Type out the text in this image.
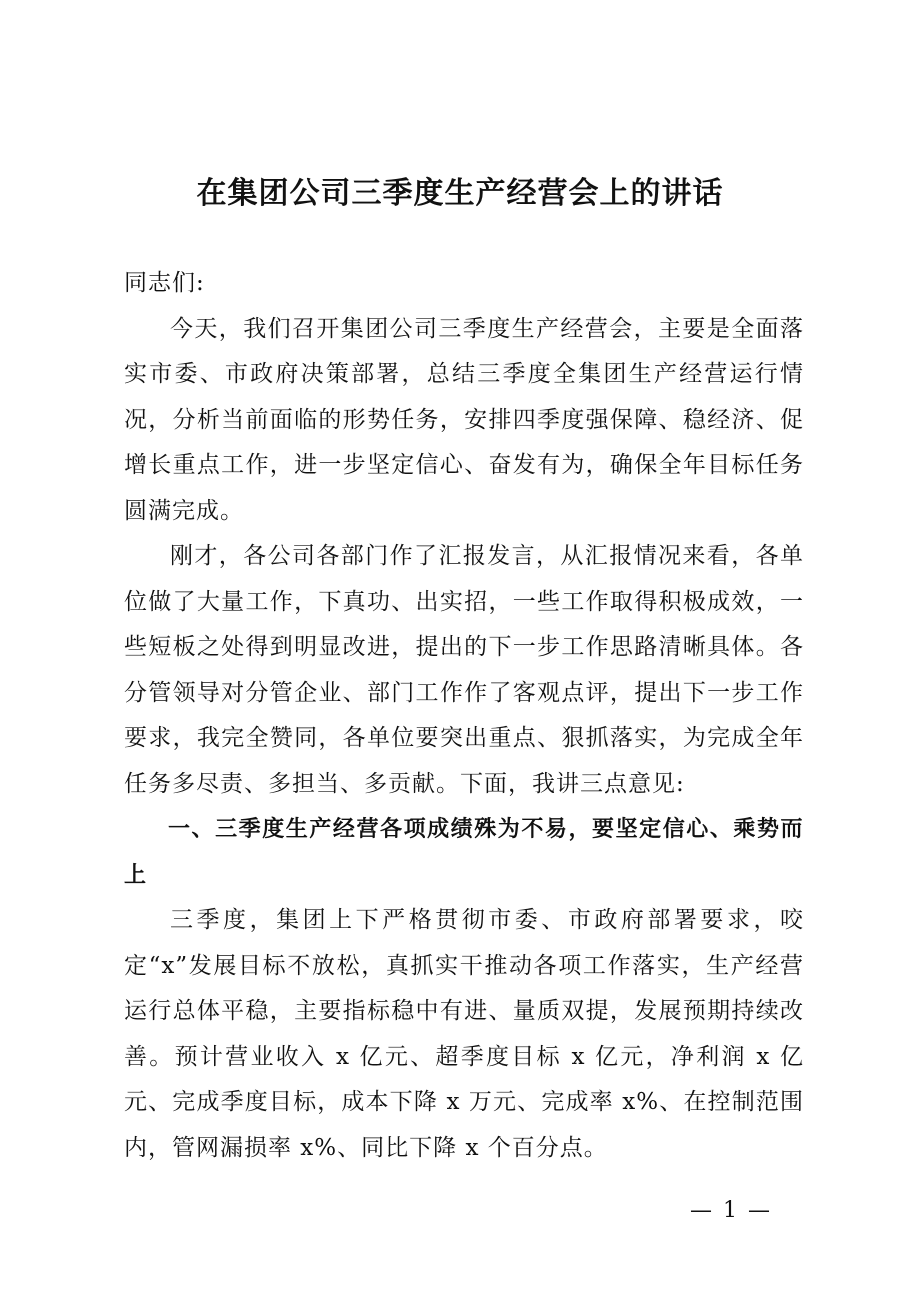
在集团公司三季度生产经营会上的讲话

同志们:

今天，我们召开集团公司三季度生产经营会，主要是全面落实市委、市政府决策部署，总结三季度全集团生产经营运行情况，分析当前面临的形势任务，安排四季度强保障、稳经济、促增长重点工作，进一步坚定信心、奋发有为，确保全年目标任务圆满完成。

刚才，各公司各部门作了汇报发言，从汇报情况来看，各单位做了大量工作，下真功、出实招，一些工作取得积极成效，一些短板之处得到明显改进，提出的下一步工作思路清晰具体。各分管领导对分管企业、部门工作作了客观点评，提出下一步工作要求，我完全赞同，各单位要突出重点、狠抓落实，为完成全年任务多尽责、多担当、多贡献。下面，我讲三点意见:

一、三季度生产经营各项成绩殊为不易，要坚定信心、乘势而上

三季度，集团上下严格贯彻市委、市政府部署要求，咬定“x”发展目标不放松，真抓实干推动各项工作落实，生产经营运行总体平稳，主要指标稳中有进、量质双提，发展预期持续改善。预计营业收入 x 亿元、超季度目标 x 亿元，净利润 x 亿元、完成季度目标，成本下降 x 万元、完成率 x%、在控制范围内，管网漏损率 x%、同比下降 x 个百分点。

— 1 —
